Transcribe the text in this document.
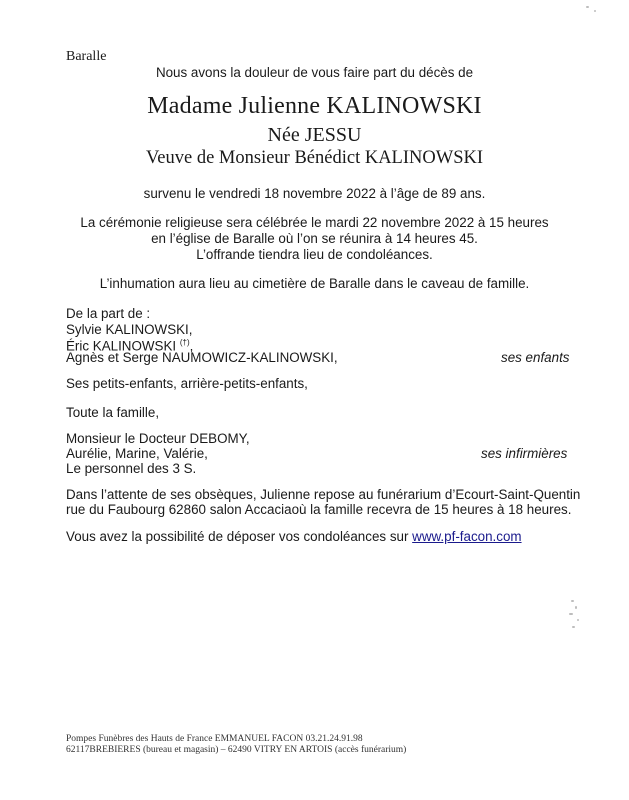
Baralle
Nous avons la douleur de vous faire part du décès de
Madame Julienne KALINOWSKI
Née JESSU
Veuve de Monsieur Bénédict KALINOWSKI
survenu le vendredi 18 novembre 2022 à l’âge de 89 ans.
La cérémonie religieuse sera célébrée le mardi 22 novembre 2022 à 15 heures
en l’église de Baralle où l’on se réunira à 14 heures 45.
L’offrande tiendra lieu de condoléances.
L’inhumation aura lieu au cimetière de Baralle dans le caveau de famille.
De la part de :
Sylvie KALINOWSKI,
Éric KALINOWSKI (†),
Agnès et Serge NAUMOWICZ-KALINOWSKI,	ses enfants
Ses petits-enfants, arrière-petits-enfants,
Toute la famille,
Monsieur le Docteur DEBOMY,
Aurélie, Marine, Valérie,	ses infirmières
Le personnel des 3 S.
Dans l’attente de ses obsèques, Julienne repose au funérarium d’Ecourt-Saint-Quentin
rue du Faubourg 62860 salon Accaciaoù la famille recevra de 15 heures à 18 heures.
Vous avez la possibilité de déposer vos condoléances sur www.pf-facon.com
Pompes Funèbres des Hauts de France EMMANUEL FACON 03.21.24.91.98
62117BREBIERES (bureau et magasin) – 62490 VITRY EN ARTOIS (accès funérarium)
